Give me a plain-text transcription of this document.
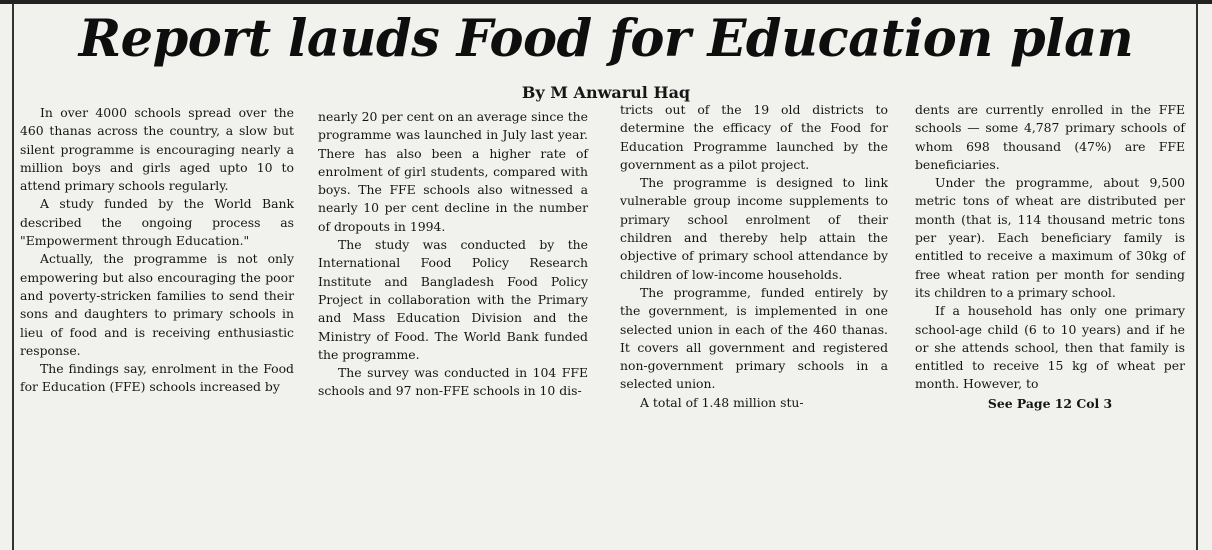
Report lauds Food for Education plan
By M Anwarul Haq

In over 4000 schools spread over the 460 thanas across the country, a slow but silent programme is encouraging nearly a million boys and girls aged upto 10 to attend primary schools regularly.

A study funded by the World Bank described the ongoing process as "Empowerment through Education."

Actually, the programme is not only empowering but also encouraging the poor and poverty-stricken families to send their sons and daughters to primary schools in lieu of food and is receiving enthusiastic response.

The findings say, enrolment in the Food for Education (FFE) schools increased by

nearly 20 per cent on an average since the programme was launched in July last year. There has also been a higher rate of enrolment of girl students, compared with boys. The FFE schools also witnessed a nearly 10 per cent decline in the number of dropouts in 1994.

The study was conducted by the International Food Policy Research Institute and Bangladesh Food Policy Project in collaboration with the Primary and Mass Education Division and the Ministry of Food. The World Bank funded the programme.

The survey was conducted in 104 FFE schools and 97 non-FFE schools in 10 dis-

tricts out of the 19 old districts to determine the efficacy of the Food for Education Programme launched by the government as a pilot project.

The programme is designed to link vulnerable group income supplements to primary school enrolment of their children and thereby help attain the objective of primary school attendance by children of low-income households.

The programme, funded entirely by the government, is implemented in one selected union in each of the 460 thanas. It covers all government and registered non-government primary schools in a selected union.

A total of 1.48 million stu-

dents are currently enrolled in the FFE schools — some 4,787 primary schools of whom 698 thousand (47%) are FFE beneficiaries.

Under the programme, about 9,500 metric tons of wheat are distributed per month (that is, 114 thousand metric tons per year). Each beneficiary family is entitled to receive a maximum of 30kg of free wheat ration per month for sending its children to a primary school.

If a household has only one primary school-age child (6 to 10 years) and if he or she attends school, then that family is entitled to receive 15 kg of wheat per month. However, to

See Page 12 Col 3
